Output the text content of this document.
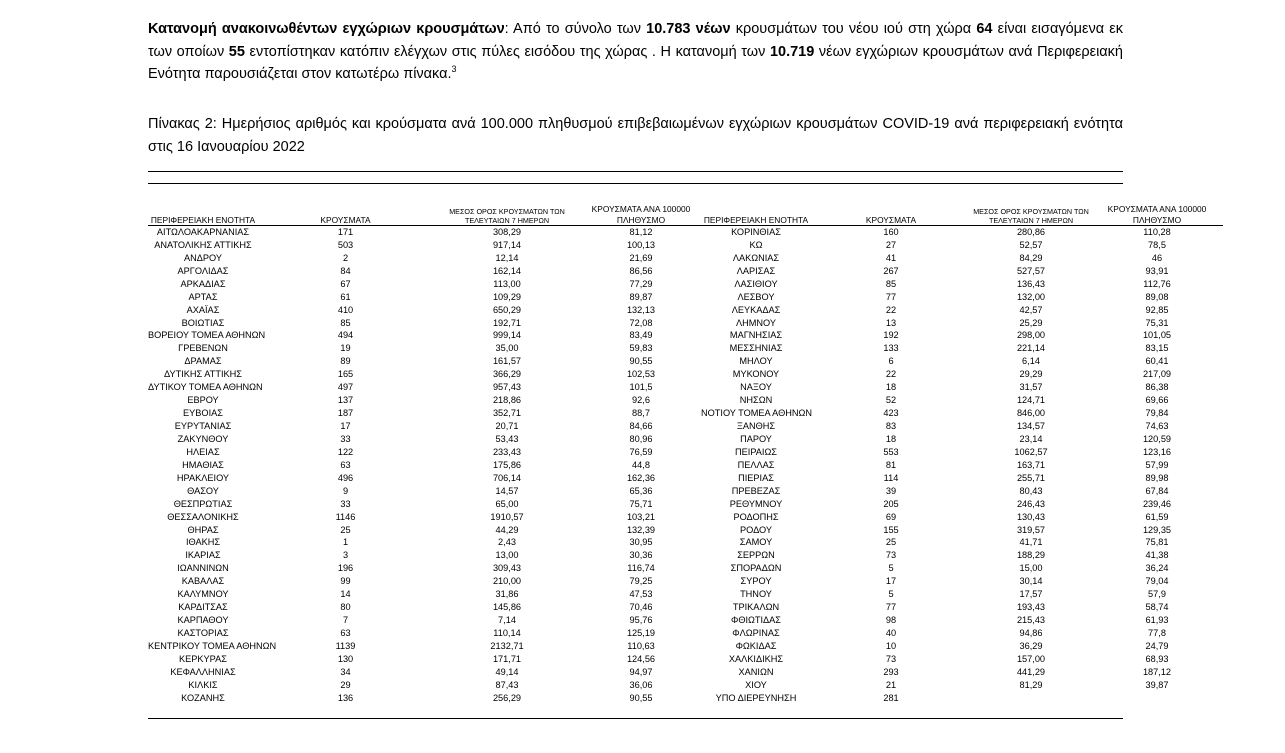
Κατανομή ανακοινωθέντων εγχώριων κρουσμάτων: Από το σύνολο των 10.783 νέων κρουσμάτων του νέου ιού στη χώρα 64 είναι εισαγόμενα εκ των οποίων 55 εντοπίστηκαν κατόπιν ελέγχων στις πύλες εισόδου της χώρας . Η κατανομή των 10.719 νέων εγχώριων κρουσμάτων ανά Περιφερειακή Ενότητα παρουσιάζεται στον κατωτέρω πίνακα.$^3$
Πίνακας 2: Ημερήσιος αριθμός και κρούσματα ανά 100.000 πληθυσμού επιβεβαιωμένων εγχώριων κρουσμάτων COVID-19 ανά περιφερειακή ενότητα στις 16 Ιανουαρίου 2022
ΠΕΡΙΦΕΡΕΙΑΚΗ ΕΝΟΤΗΤΑ	ΚΡΟΥΣΜΑΤΑ	ΜΕΣΟΣ ΟΡΟΣ ΚΡΟΥΣΜΑΤΩΝ ΤΩΝ ΤΕΛΕΥΤΑΙΩΝ 7 ΗΜΕΡΩΝ	ΚΡΟΥΣΜΑΤΑ ΑΝΑ 100000 ΠΛΗΘΥΣΜΟ	ΠΕΡΙΦΕΡΕΙΑΚΗ ΕΝΟΤΗΤΑ	ΚΡΟΥΣΜΑΤΑ	ΜΕΣΟΣ ΟΡΟΣ ΚΡΟΥΣΜΑΤΩΝ ΤΩΝ ΤΕΛΕΥΤΑΙΩΝ 7 ΗΜΕΡΩΝ	ΚΡΟΥΣΜΑΤΑ ΑΝΑ 100000 ΠΛΗΘΥΣΜΟ
ΑΙΤΩΛΟΑΚΑΡΝΑΝΙΑΣ	171	308,29	81,12	ΚΟΡΙΝΘΙΑΣ	160	280,86	110,28
ΑΝΑΤΟΛΙΚΗΣ ΑΤΤΙΚΗΣ	503	917,14	100,13	ΚΩ	27	52,57	78,5
ΑΝΔΡΟΥ	2	12,14	21,69	ΛΑΚΩΝΙΑΣ	41	84,29	46
ΑΡΓΟΛΙΔΑΣ	84	162,14	86,56	ΛΑΡΙΣΑΣ	267	527,57	93,91
ΑΡΚΑΔΙΑΣ	67	113,00	77,29	ΛΑΣΙΘΙΟΥ	85	136,43	112,76
ΑΡΤΑΣ	61	109,29	89,87	ΛΕΣΒΟΥ	77	132,00	89,08
ΑΧΑΪΑΣ	410	650,29	132,13	ΛΕΥΚΑΔΑΣ	22	42,57	92,85
ΒΟΙΩΤΙΑΣ	85	192,71	72,08	ΛΗΜΝΟΥ	13	25,29	75,31
ΒΟΡΕΙΟΥ ΤΟΜΕΑ ΑΘΗΝΩΝ	494	999,14	83,49	ΜΑΓΝΗΣΙΑΣ	192	298,00	101,05
ΓΡΕΒΕΝΩΝ	19	35,00	59,83	ΜΕΣΣΗΝΙΑΣ	133	221,14	83,15
ΔΡΑΜΑΣ	89	161,57	90,55	ΜΗΛΟΥ	6	6,14	60,41
ΔΥΤΙΚΗΣ ΑΤΤΙΚΗΣ	165	366,29	102,53	ΜΥΚΟΝΟΥ	22	29,29	217,09
ΔΥΤΙΚΟΥ ΤΟΜΕΑ ΑΘΗΝΩΝ	497	957,43	101,5	ΝΑΞΟΥ	18	31,57	86,38
ΕΒΡΟΥ	137	218,86	92,6	ΝΗΣΩΝ	52	124,71	69,66
ΕΥΒΟΙΑΣ	187	352,71	88,7	ΝΟΤΙΟΥ ΤΟΜΕΑ ΑΘΗΝΩΝ	423	846,00	79,84
ΕΥΡΥΤΑΝΙΑΣ	17	20,71	84,66	ΞΑΝΘΗΣ	83	134,57	74,63
ΖΑΚΥΝΘΟΥ	33	53,43	80,96	ΠΑΡΟΥ	18	23,14	120,59
ΗΛΕΙΑΣ	122	233,43	76,59	ΠΕΙΡΑΙΩΣ	553	1062,57	123,16
ΗΜΑΘΙΑΣ	63	175,86	44,8	ΠΕΛΛΑΣ	81	163,71	57,99
ΗΡΑΚΛΕΙΟΥ	496	706,14	162,36	ΠΙΕΡΙΑΣ	114	255,71	89,98
ΘΑΣΟΥ	9	14,57	65,36	ΠΡΕΒΕΖΑΣ	39	80,43	67,84
ΘΕΣΠΡΩΤΙΑΣ	33	65,00	75,71	ΡΕΘΥΜΝΟΥ	205	246,43	239,46
ΘΕΣΣΑΛΟΝΙΚΗΣ	1146	1910,57	103,21	ΡΟΔΟΠΗΣ	69	130,43	61,59
ΘΗΡΑΣ	25	44,29	132,39	ΡΟΔΟΥ	155	319,57	129,35
ΙΘΑΚΗΣ	1	2,43	30,95	ΣΑΜΟΥ	25	41,71	75,81
ΙΚΑΡΙΑΣ	3	13,00	30,36	ΣΕΡΡΩΝ	73	188,29	41,38
ΙΩΑΝΝΙΝΩΝ	196	309,43	116,74	ΣΠΟΡΑΔΩΝ	5	15,00	36,24
ΚΑΒΑΛΑΣ	99	210,00	79,25	ΣΥΡΟΥ	17	30,14	79,04
ΚΑΛΥΜΝΟΥ	14	31,86	47,53	ΤΗΝΟΥ	5	17,57	57,9
ΚΑΡΔΙΤΣΑΣ	80	145,86	70,46	ΤΡΙΚΑΛΩΝ	77	193,43	58,74
ΚΑΡΠΑΘΟΥ	7	7,14	95,76	ΦΘΙΩΤΙΔΑΣ	98	215,43	61,93
ΚΑΣΤΟΡΙΑΣ	63	110,14	125,19	ΦΛΩΡΙΝΑΣ	40	94,86	77,8
ΚΕΝΤΡΙΚΟΥ ΤΟΜΕΑ ΑΘΗΝΩΝ	1139	2132,71	110,63	ΦΩΚΙΔΑΣ	10	36,29	24,79
ΚΕΡΚΥΡΑΣ	130	171,71	124,56	ΧΑΛΚΙΔΙΚΗΣ	73	157,00	68,93
ΚΕΦΑΛΛΗΝΙΑΣ	34	49,14	94,97	ΧΑΝΙΩΝ	293	441,29	187,12
ΚΙΛΚΙΣ	29	87,43	36,06	ΧΙΟΥ	21	81,29	39,87
ΚΟΖΑΝΗΣ	136	256,29	90,55	ΥΠΟ ΔΙΕΡΕΥΝΗΣΗ	281		
